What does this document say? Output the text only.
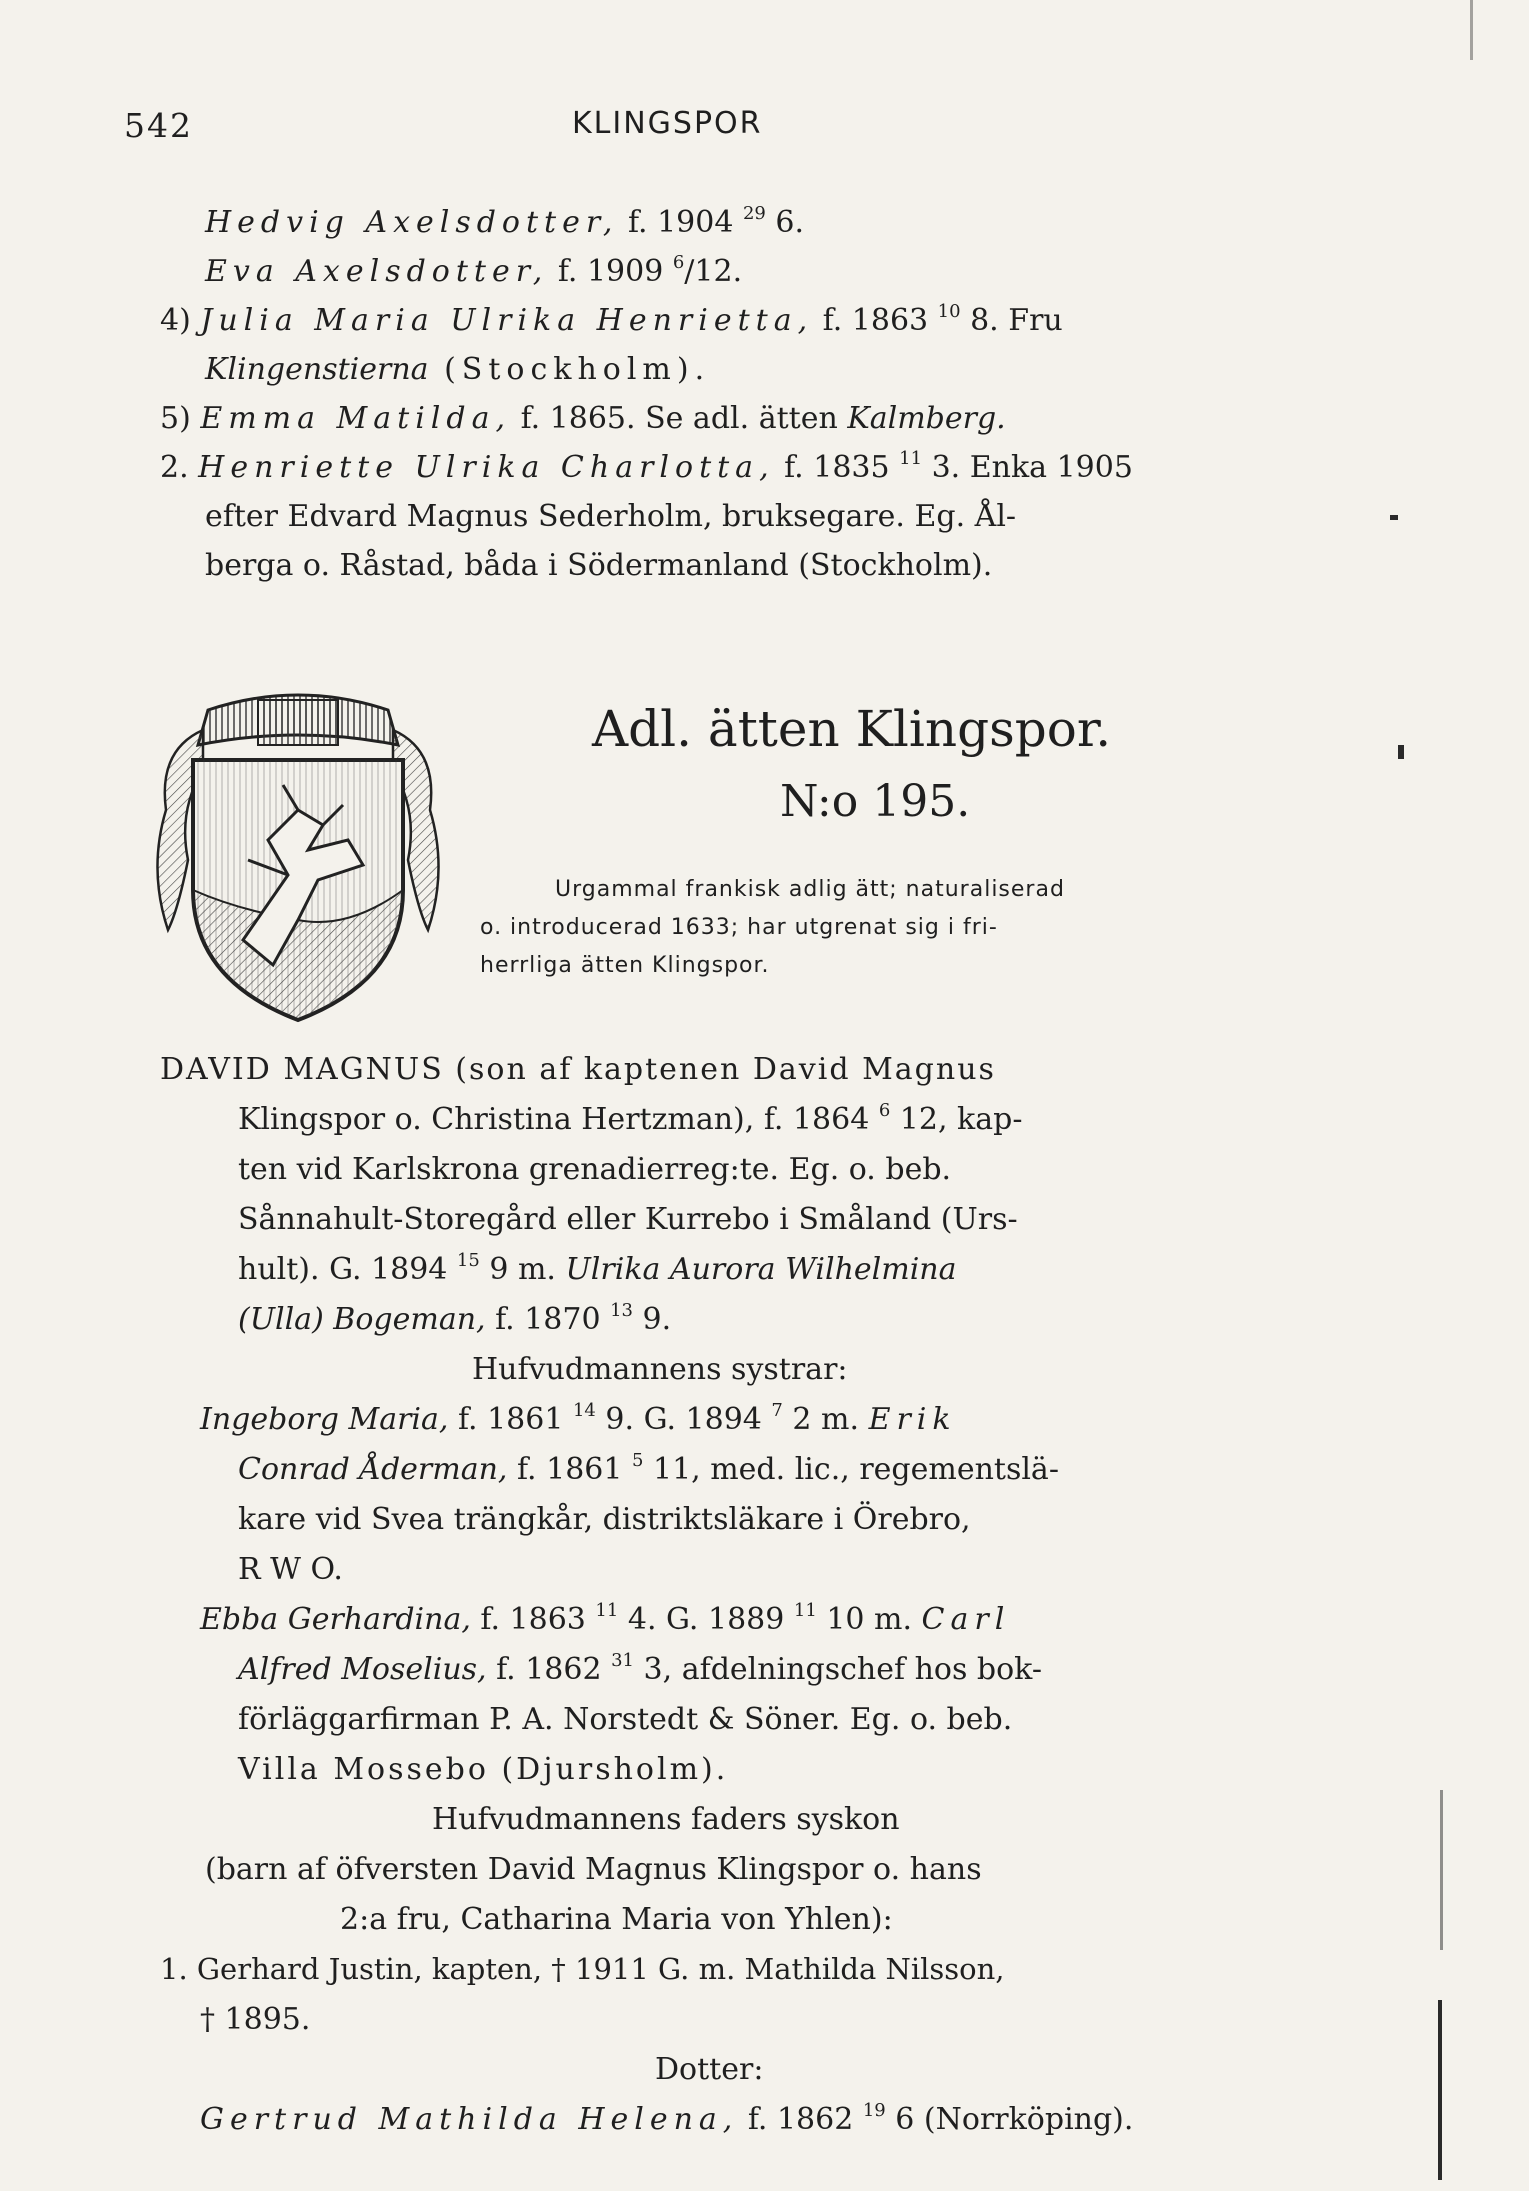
542	KLINGSPOR
Hedvig Axelsdotter, f. 1904 $^{29}$ 6.
Eva Axelsdotter, f. 1909 $^6$/12.
4) Julia Maria Ulrika Henrietta, f. 1863 $^{10}$ 8. Fru
Klingenstierna (Stockholm).
5) Emma Matilda, f. 1865. Se adl. ätten Kalmberg.
2. Henriette Ulrika Charlotta, f. 1835 $^{11}$ 3. Enka 1905
efter Edvard Magnus Sederholm, bruksegare. Eg. Ål-
berga o. Råstad, båda i Södermanland (Stockholm).
Adl. ätten Klingspor.
N:o 195.
Urgammal frankisk adlig ätt; naturaliserad
o. introducerad 1633; har utgrenat sig i fri-
herrliga ätten Klingspor.
DAVID MAGNUS (son af kaptenen David Magnus
Klingspor o. Christina Hertzman), f. 1864 $^6$ 12, kap-
ten vid Karlskrona grenadierreg:te. Eg. o. beb.
Sånnahult-Storegård eller Kurrebo i Småland (Urs-
hult). G. 1894 $^{15}$ 9 m. Ulrika Aurora Wilhelmina
(Ulla) Bogeman, f. 1870 $^{13}$ 9.
Hufvudmannens systrar:
Ingeborg Maria, f. 1861 $^{14}$ 9. G. 1894 $^7$ 2 m. Erik
Conrad Åderman, f. 1861 $^5$ 11, med. lic., regementslä-
kare vid Svea trängkår, distriktsläkare i Örebro,
R W O.
Ebba Gerhardina, f. 1863 $^{11}$ 4. G. 1889 $^{11}$ 10 m. Carl
Alfred Moselius, f. 1862 $^{31}$ 3, afdelningschef hos bok-
förläggarfirman P. A. Norstedt & Söner. Eg. o. beb.
Villa Mossebo (Djursholm).
Hufvudmannens faders syskon
(barn af öfversten David Magnus Klingspor o. hans
2:a fru, Catharina Maria von Yhlen):
1. Gerhard Justin, kapten, † 1911 G. m. Mathilda Nilsson,
† 1895.
Dotter:
Gertrud Mathilda Helena, f. 1862 $^{19}$ 6 (Norrköping).
